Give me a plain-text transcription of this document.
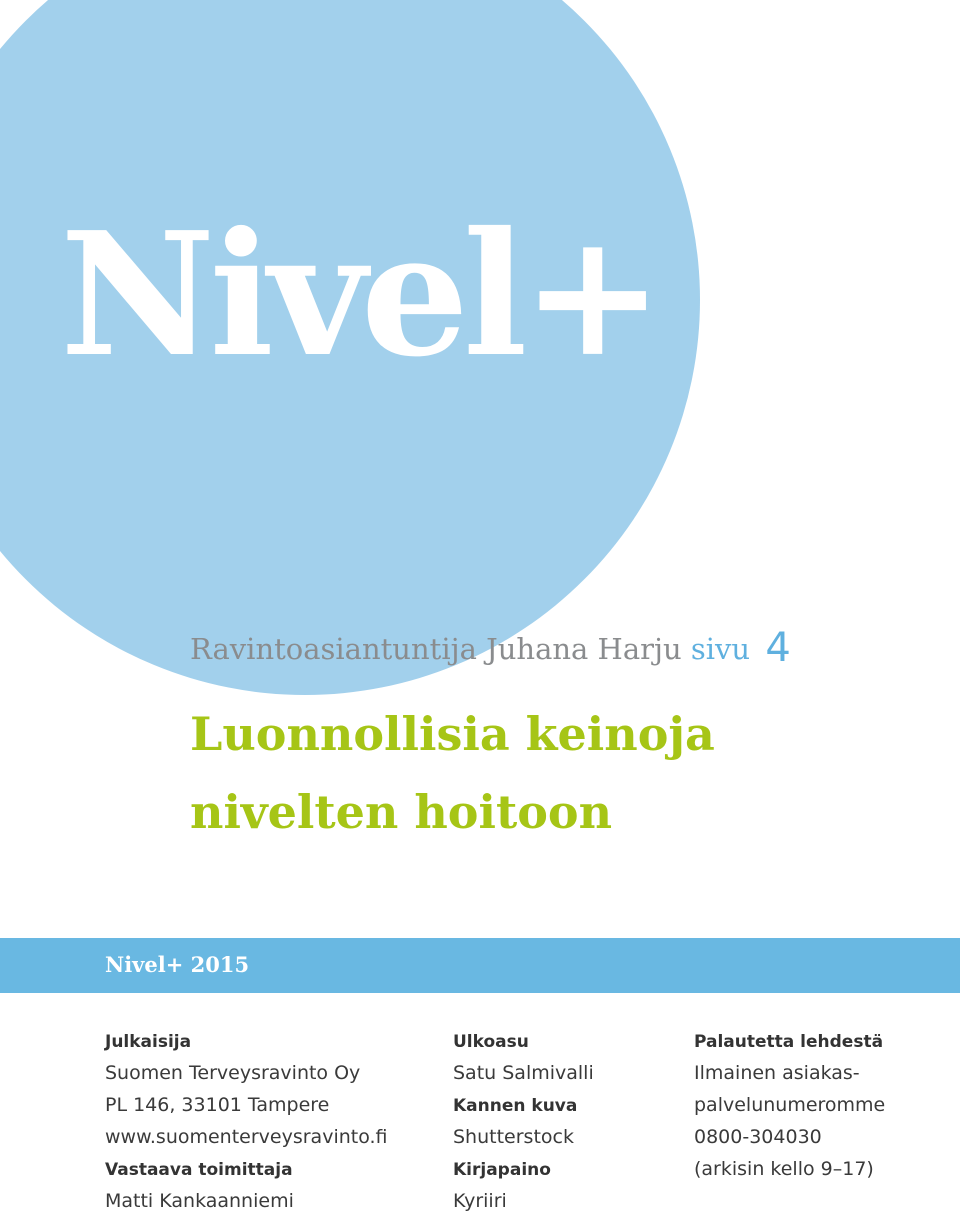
Nivel+
Ravintoasiantuntija Juhana Harju sivu 4
Luonnollisia keinoja
nivelten hoitoon
Nivel+ 2015

Julkaisija

Suomen Terveysravinto Oy

PL 146, 33101 Tampere

www.suomenterveysravinto.fi

Vastaava toimittaja

Matti Kankaanniemi

Ulkoasu

Satu Salmivalli

Kannen kuva

Shutterstock

Kirjapaino

Kyriiri

Palautetta lehdestä

Ilmainen asiakas-

palvelunumeromme

0800-304030

(arkisin kello 9–17)
